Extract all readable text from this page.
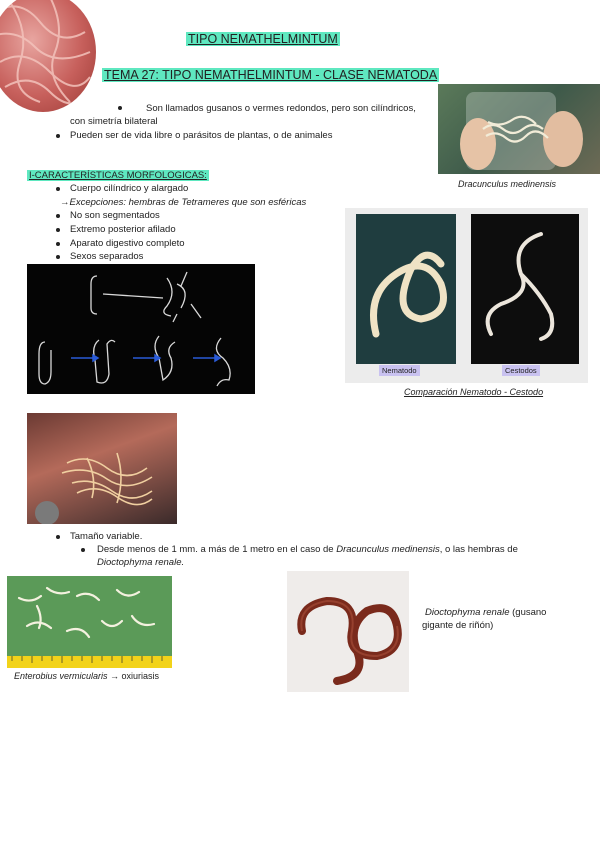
TIPO NEMATHELMINTUM
TEMA 27: TIPO NEMATHELMINTUM - CLASE NEMATODA
Son llamados gusanos o vermes redondos, pero son cilíndricos,
con simetría bilateral
Pueden ser de vida libre o parásitos de plantas, o de animales
Dracunculus medinensis
I-CARACTERÍSTICAS MORFOLOGICAS:
Cuerpo cilíndrico y alargado
→Excepciones: hembras de Tetrameres que son esféricas
No son segmentados
Extremo posterior afilado
Aparato digestivo completo
Sexos separados
Nematodo	Cestodos
Comparación Nematodo - Cestodo
Tamaño variable.
Desde menos de 1 mm. a más de 1 metro en el caso de Dracunculus medinensis, o las hembras de
Dioctophyma renale.
Enterobius vermicularis → oxiuriasis
Dioctophyma renale (gusano
gigante de riñón)
